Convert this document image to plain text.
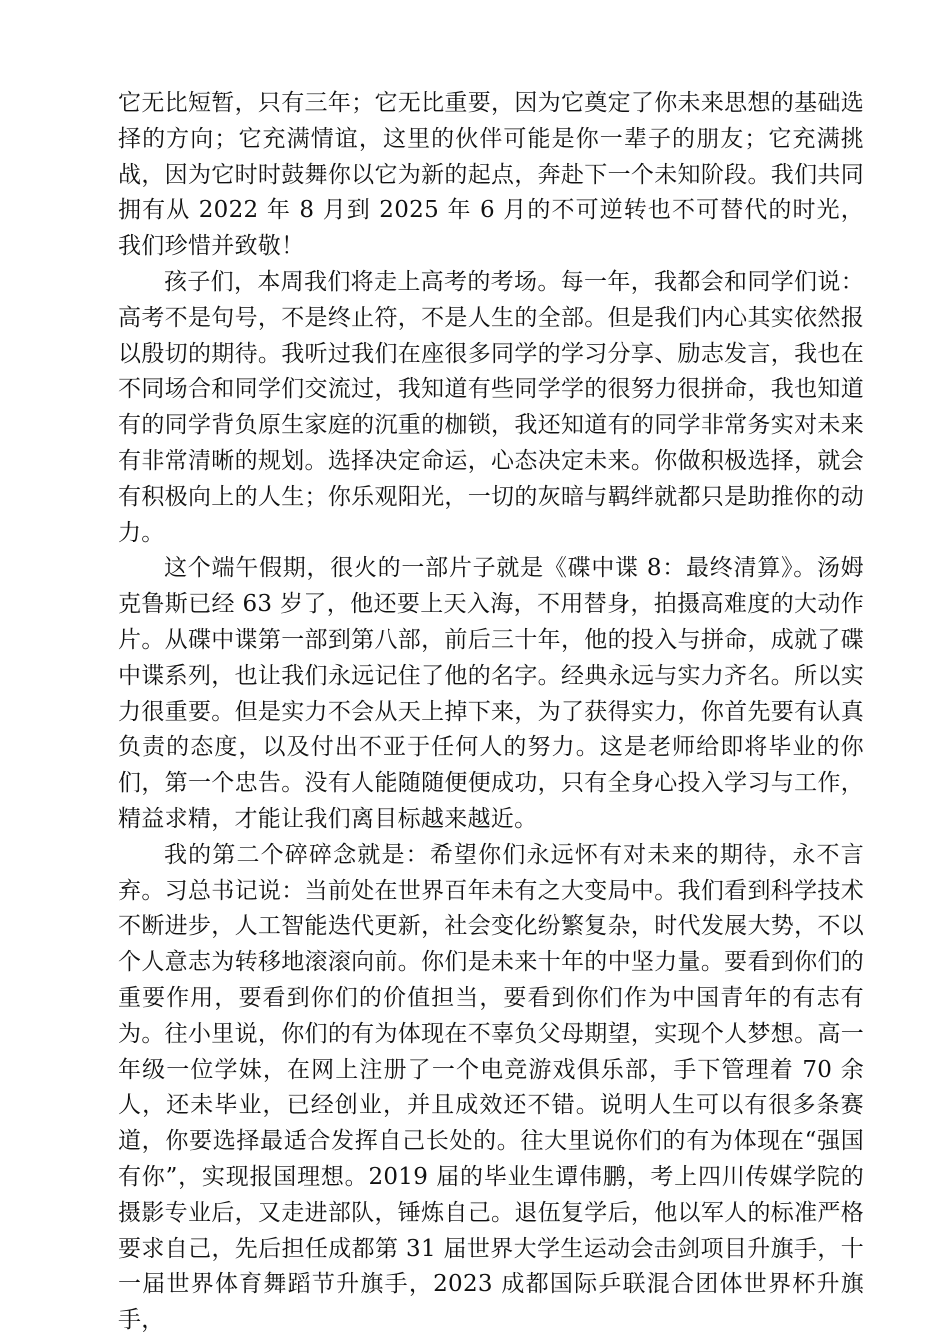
它无比短暂，只有三年；它无比重要，因为它奠定了你未来思想的基础选择的方向；它充满情谊，这里的伙伴可能是你一辈子的朋友；它充满挑战，因为它时时鼓舞你以它为新的起点，奔赴下一个未知阶段。我们共同拥有从 2022 年 8 月到 2025 年 6 月的不可逆转也不可替代的时光，我们珍惜并致敬！

孩子们，本周我们将走上高考的考场。每一年，我都会和同学们说：高考不是句号，不是终止符，不是人生的全部。但是我们内心其实依然报以殷切的期待。我听过我们在座很多同学的学习分享、励志发言，我也在不同场合和同学们交流过，我知道有些同学学的很努力很拼命，我也知道有的同学背负原生家庭的沉重的枷锁，我还知道有的同学非常务实对未来有非常清晰的规划。选择决定命运，心态决定未来。你做积极选择，就会有积极向上的人生；你乐观阳光，一切的灰暗与羁绊就都只是助推你的动力。

这个端午假期，很火的一部片子就是《碟中谍 8：最终清算》。汤姆克鲁斯已经 63 岁了，他还要上天入海，不用替身，拍摄高难度的大动作片。从碟中谍第一部到第八部，前后三十年，他的投入与拼命，成就了碟中谍系列，也让我们永远记住了他的名字。经典永远与实力齐名。所以实力很重要。但是实力不会从天上掉下来，为了获得实力，你首先要有认真负责的态度，以及付出不亚于任何人的努力。这是老师给即将毕业的你们，第一个忠告。没有人能随随便便成功，只有全身心投入学习与工作，精益求精，才能让我们离目标越来越近。

我的第二个碎碎念就是：希望你们永远怀有对未来的期待，永不言弃。习总书记说：当前处在世界百年未有之大变局中。我们看到科学技术不断进步，人工智能迭代更新，社会变化纷繁复杂，时代发展大势，不以个人意志为转移地滚滚向前。你们是未来十年的中坚力量。要看到你们的重要作用，要看到你们的价值担当，要看到你们作为中国青年的有志有为。往小里说，你们的有为体现在不辜负父母期望，实现个人梦想。高一年级一位学妹，在网上注册了一个电竞游戏俱乐部，手下管理着 70 余人，还未毕业，已经创业，并且成效还不错。说明人生可以有很多条赛道，你要选择最适合发挥自己长处的。往大里说你们的有为体现在“强国有你”，实现报国理想。2019 届的毕业生谭伟鹏，考上四川传媒学院的摄影专业后，又走进部队，锤炼自己。退伍复学后，他以军人的标准严格要求自己，先后担任成都第 31 届世界大学生运动会击剑项目升旗手，十一届世界体育舞蹈节升旗手，2023 成都国际乒联混合团体世界杯升旗手，
